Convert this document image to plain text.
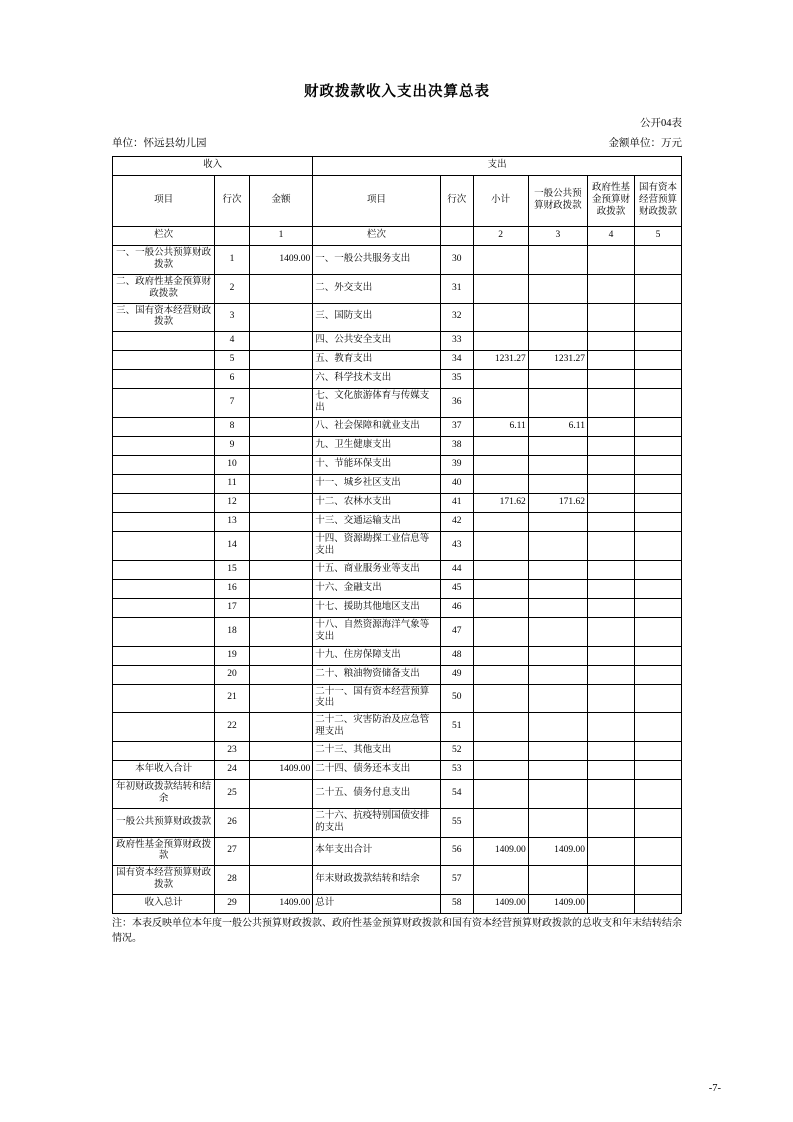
财政拨款收入支出决算总表
公开04表
单位：怀远县幼儿园	金额单位：万元
收入			支出					
项目	行次	金额	项目	行次	小计	一般公共预算财政拨款	政府性基金预算财政拨款	国有资本经营预算财政拨款
栏次		1	栏次		2	3	4	5
一、一般公共预算财政拨款	1	1409.00	一、一般公共服务支出	30				
二、政府性基金预算财政拨款	2		二、外交支出	31				
三、国有资本经营财政拨款	3		三、国防支出	32				
	4		四、公共安全支出	33				
	5		五、教育支出	34	1231.27	1231.27		
	6		六、科学技术支出	35				
	7		七、文化旅游体育与传媒支出	36				
	8		八、社会保障和就业支出	37	6.11	6.11		
	9		九、卫生健康支出	38				
	10		十、节能环保支出	39				
	11		十一、城乡社区支出	40				
	12		十二、农林水支出	41	171.62	171.62		
	13		十三、交通运输支出	42				
	14		十四、资源勘探工业信息等支出	43				
	15		十五、商业服务业等支出	44				
	16		十六、金融支出	45				
	17		十七、援助其他地区支出	46				
	18		十八、自然资源海洋气象等支出	47				
	19		十九、住房保障支出	48				
	20		二十、粮油物资储备支出	49				
	21		二十一、国有资本经营预算支出	50				
	22		二十二、灾害防治及应急管理支出	51				
	23		二十三、其他支出	52				
本年收入合计	24	1409.00	二十四、债务还本支出	53				
年初财政拨款结转和结余	25		二十五、债务付息支出	54				
一般公共预算财政拨款	26		二十六、抗疫特别国债安排的支出	55				
政府性基金预算财政拨款	27		本年支出合计	56	1409.00	1409.00		
国有资本经营预算财政拨款	28		年末财政拨款结转和结余	57				
收入总计	29	1409.00	总计	58	1409.00	1409.00		
注：本表反映单位本年度一般公共预算财政拨款、政府性基金预算财政拨款和国有资本经营预算财政拨款的总收支和年末结转结余情况。
-7-
